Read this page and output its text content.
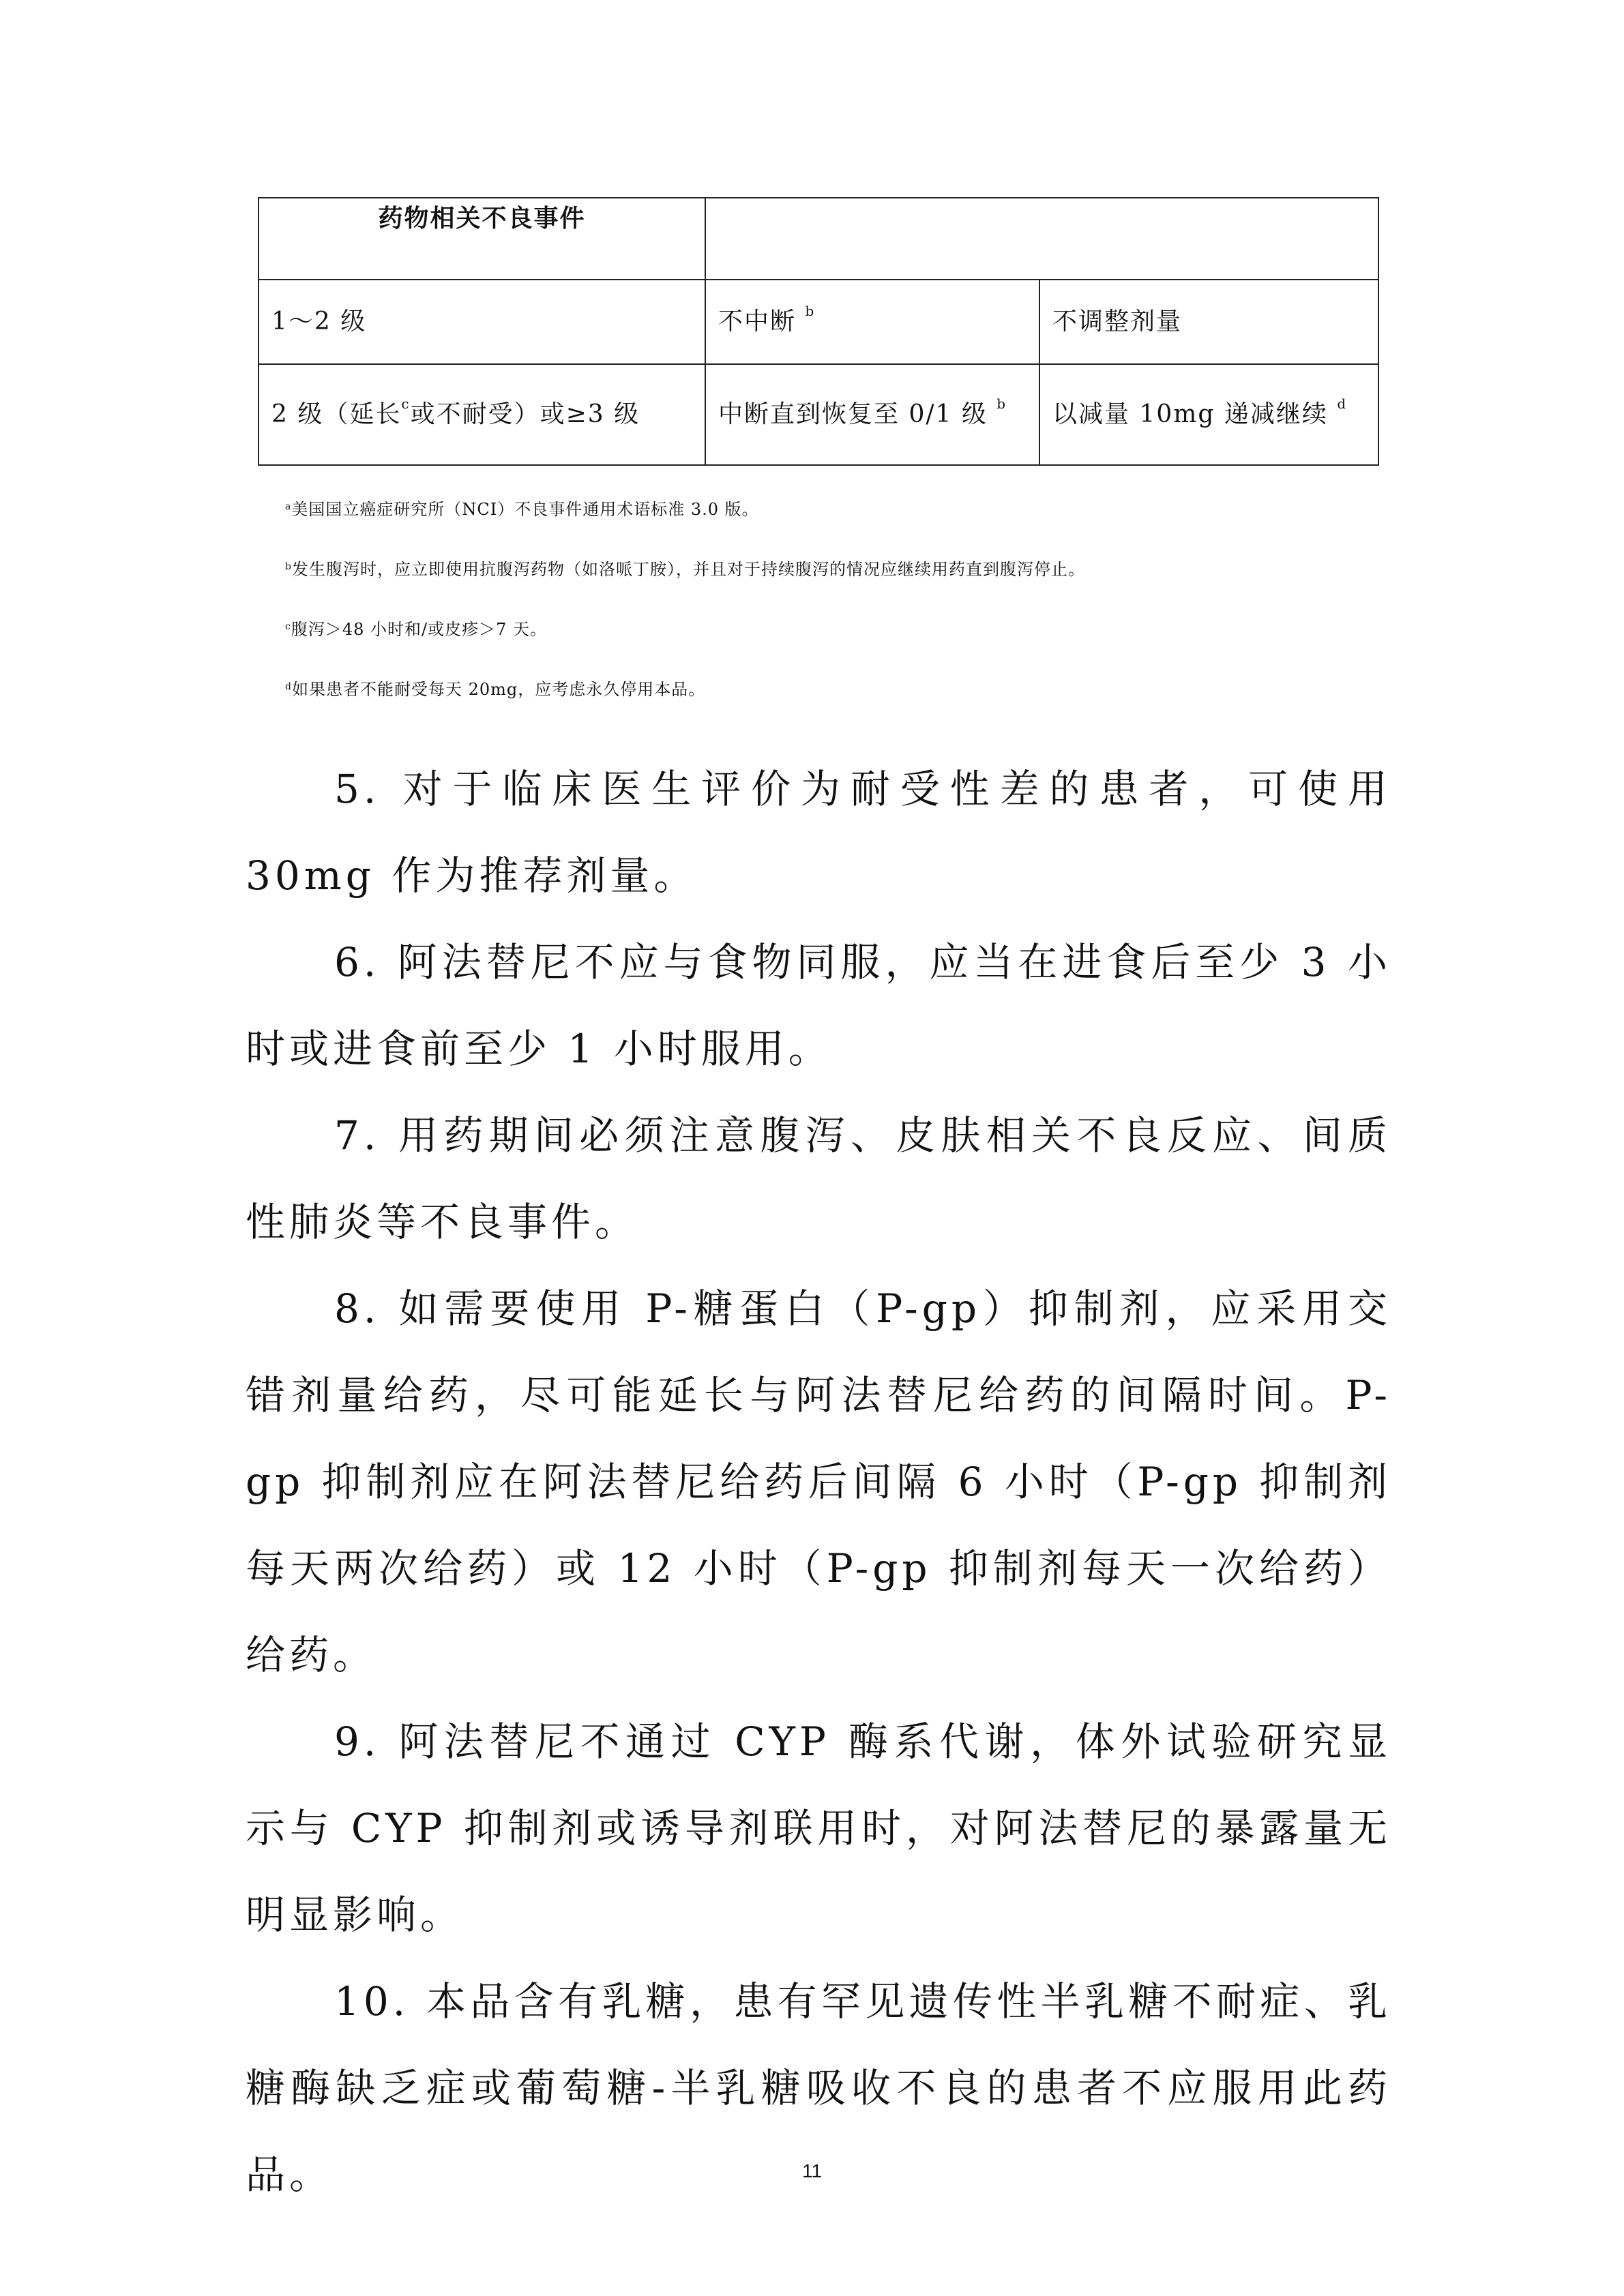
药物相关不良事件		
1～2 级	不中断 $^b$	不调整剂量
2 级（延长$^c$或不耐受）或≥3 级	中断直到恢复至 0/1 级 $^b$	以减量 10mg 递减继续 $^d$
$^a$美国国立癌症研究所（NCI）不良事件通用术语标准 3.0 版。
$^b$发生腹泻时，应立即使用抗腹泻药物（如洛哌丁胺），并且对于持续腹泻的情况应继续用药直到腹泻停止。
$^c$腹泻＞48 小时和/或皮疹＞7 天。
$^d$如果患者不能耐受每天 20mg，应考虑永久停用本品。

5. 对于临床医生评价为耐受性差的患者，可使用 30mg 作为推荐剂量。

6. 阿法替尼不应与食物同服，应当在进食后至少 3 小时或进食前至少 1 小时服用。

7. 用药期间必须注意腹泻、皮肤相关不良反应、间质性肺炎等不良事件。

8. 如需要使用 P-糖蛋白（P-gp）抑制剂，应采用交错剂量给药，尽可能延长与阿法替尼给药的间隔时间。P-gp 抑制剂应在阿法替尼给药后间隔 6 小时（P-gp 抑制剂每天两次给药）或 12 小时（P-gp 抑制剂每天一次给药）给药。

9. 阿法替尼不通过 CYP 酶系代谢，体外试验研究显示与 CYP 抑制剂或诱导剂联用时，对阿法替尼的暴露量无明显影响。

10. 本品含有乳糖，患有罕见遗传性半乳糖不耐症、乳糖酶缺乏症或葡萄糖-半乳糖吸收不良的患者不应服用此药品。	11
